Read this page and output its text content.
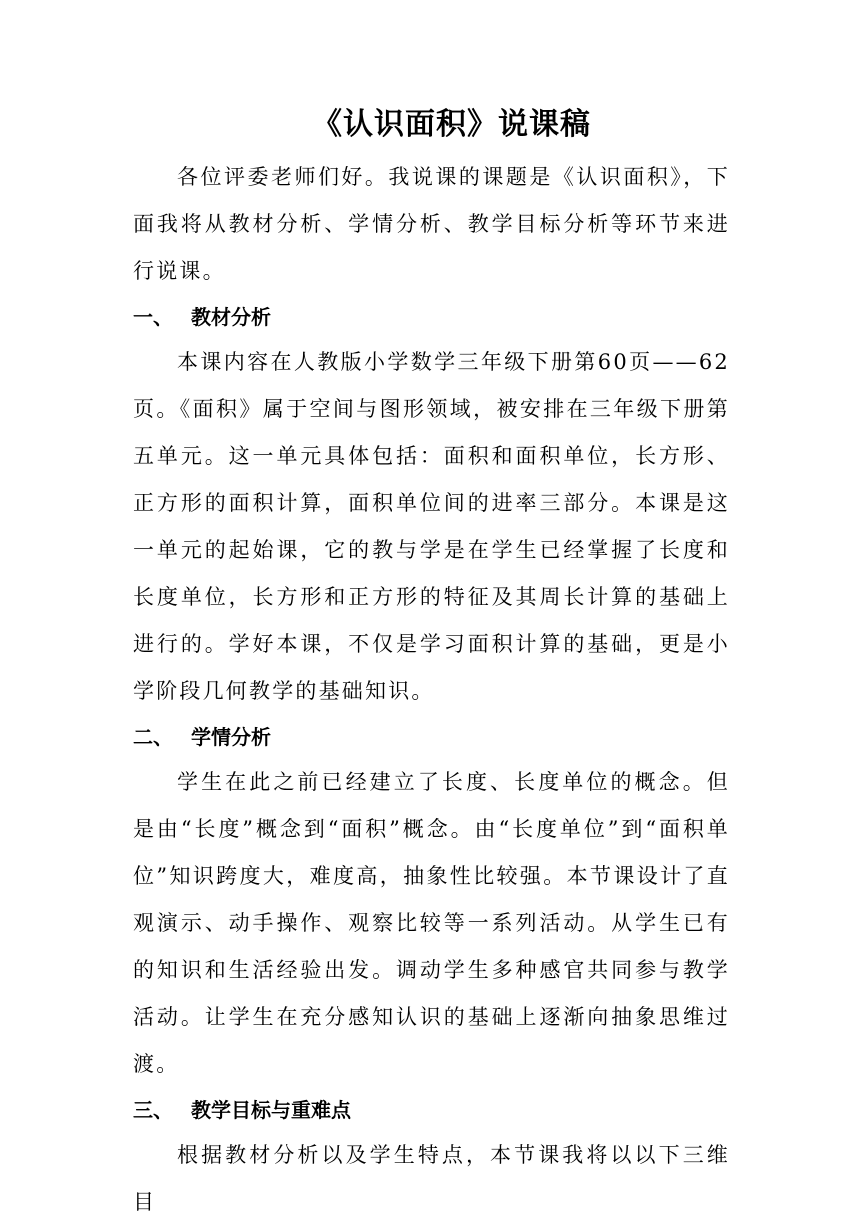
《认识面积》说课稿

各位评委老师们好。我说课的课题是《认识面积》，下面我将从教材分析、学情分析、教学目标分析等环节来进行说课。

一、 教材分析

本课内容在人教版小学数学三年级下册第60页——62页。《面积》属于空间与图形领域，被安排在三年级下册第五单元。这一单元具体包括：面积和面积单位，长方形、正方形的面积计算，面积单位间的进率三部分。本课是这一单元的起始课，它的教与学是在学生已经掌握了长度和长度单位，长方形和正方形的特征及其周长计算的基础上进行的。学好本课，不仅是学习面积计算的基础，更是小学阶段几何教学的基础知识。

二、 学情分析

学生在此之前已经建立了长度、长度单位的概念。但是由“长度”概念到“面积”概念。由“长度单位”到“面积单位”知识跨度大，难度高，抽象性比较强。本节课设计了直观演示、动手操作、观察比较等一系列活动。从学生已有的知识和生活经验出发。调动学生多种感官共同参与教学活动。让学生在充分感知认识的基础上逐渐向抽象思维过渡。

三、 教学目标与重难点

根据教材分析以及学生特点，本节课我将以以下三维目
